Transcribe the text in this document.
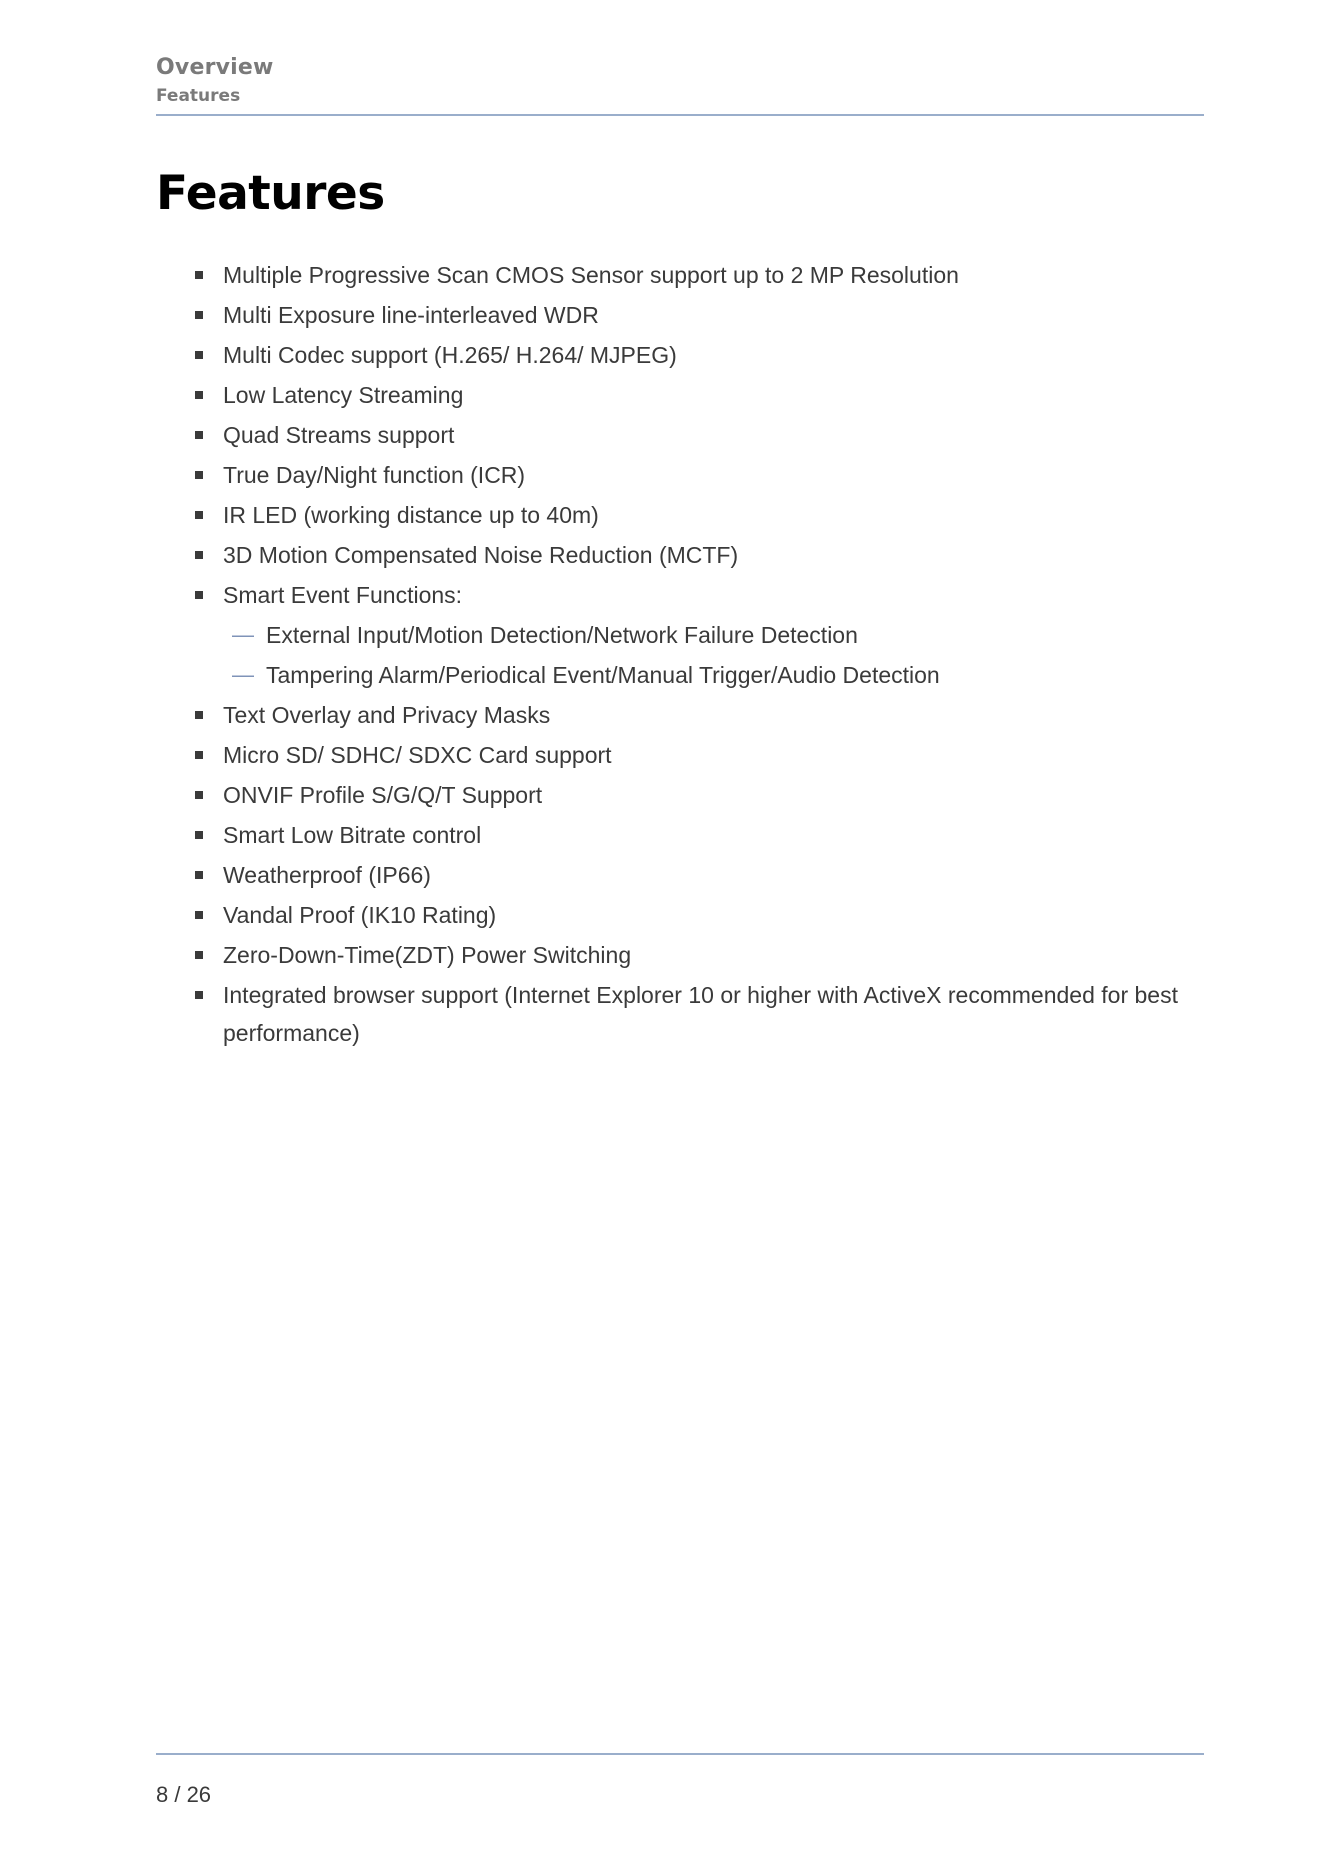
Overview
Features
Features
Multiple Progressive Scan CMOS Sensor support up to 2 MP Resolution
Multi Exposure line-interleaved WDR
Multi Codec support (H.265/ H.264/ MJPEG)
Low Latency Streaming
Quad Streams support
True Day/Night function (ICR)
IR LED (working distance up to 40m)
3D Motion Compensated Noise Reduction (MCTF)
Smart Event Functions:
— External Input/Motion Detection/Network Failure Detection
— Tampering Alarm/Periodical Event/Manual Trigger/Audio Detection
Text Overlay and Privacy Masks
Micro SD/ SDHC/ SDXC Card support
ONVIF Profile S/G/Q/T Support
Smart Low Bitrate control
Weatherproof (IP66)
Vandal Proof (IK10 Rating)
Zero-Down-Time(ZDT) Power Switching
Integrated browser support (Internet Explorer 10 or higher with ActiveX recommended for best performance)
8 / 26
